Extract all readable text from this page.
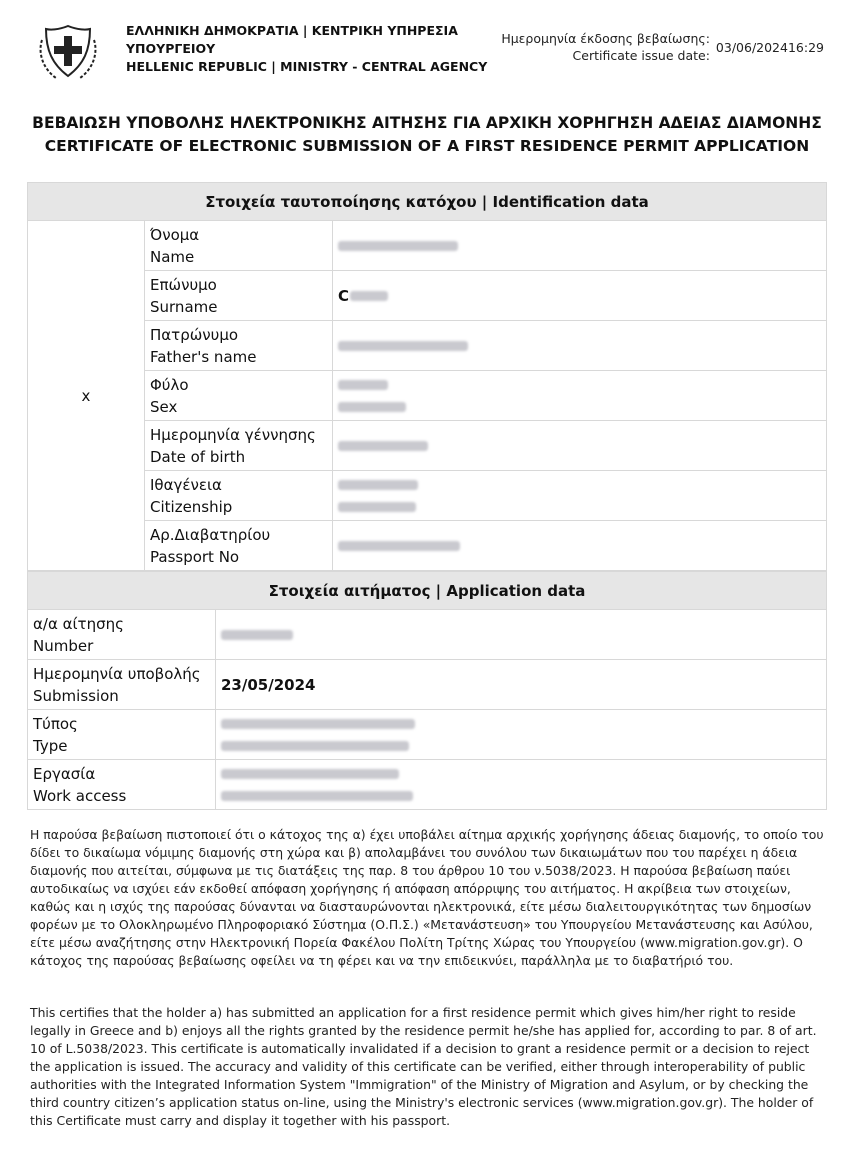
ΕΛΛΗΝΙΚΗ ΔΗΜΟΚΡΑΤΙΑ | ΚΕΝΤΡΙΚΗ ΥΠΗΡΕΣΙΑ
ΥΠΟΥΡΓΕΙΟΥ
HELLENIC REPUBLIC | MINISTRY - CENTRAL AGENCY
Ημερομηνία έκδοσης βεβαίωσης:
Certificate issue date:03/06/202416:29
ΒΕΒΑΙΩΣΗ ΥΠΟΒΟΛΗΣ ΗΛΕΚΤΡΟΝΙΚΗΣ ΑΙΤΗΣΗΣ ΓΙΑ ΑΡΧΙΚΗ ΧΟΡΗΓΗΣΗ ΑΔΕΙΑΣ ΔΙΑΜΟΝΗΣ
CERTIFICATE OF ELECTRONIC SUBMISSION OF A FIRST RESIDENCE PERMIT APPLICATION
Στοιχεία ταυτοποίησης κατόχου | Identification data		
x	Όνομα
Name	
	Επώνυμο
Surname	C
	Πατρώνυμο
Father's name	
	Φύλο
Sex	

	Ημερομηνία γέννησης
Date of birth	
	Ιθαγένεια
Citizenship	

	Αρ.Διαβατηρίου
Passport No	
Στοιχεία αιτήματος | Application data	
α/α αίτησης
Number	
Ημερομηνία υποβολής
Submission	23/05/2024
Τύπος
Type	

Εργασία
Work access	
Η παρούσα βεβαίωση πιστοποιεί ότι ο κάτοχος της α) έχει υποβάλει αίτημα αρχικής χορήγησης άδειας διαμονής, το οποίο του δίδει το δικαίωμα νόμιμης διαμονής στη χώρα και β) απολαμβάνει του συνόλου των δικαιωμάτων που του παρέχει η άδεια διαμονής που αιτείται, σύμφωνα με τις διατάξεις της παρ. 8 του άρθρου 10 του ν.5038/2023. Η παρούσα βεβαίωση παύει αυτοδικαίως να ισχύει εάν εκδοθεί απόφαση χορήγησης ή απόφαση απόρριψης του αιτήματος. Η ακρίβεια των στοιχείων, καθώς και η ισχύς της παρούσας δύνανται να διασταυρώνονται ηλεκτρονικά, είτε μέσω διαλειτουργικότητας των δημοσίων φορέων με το Ολοκληρωμένο Πληροφοριακό Σύστημα (Ο.Π.Σ.) «Μετανάστευση» του Υπουργείου Μετανάστευσης και Ασύλου, είτε μέσω αναζήτησης στην Ηλεκτρονική Πορεία Φακέλου Πολίτη Τρίτης Χώρας του Υπουργείου (www.migration.gov.gr). Ο κάτοχος της παρούσας βεβαίωσης οφείλει να τη φέρει και να την επιδεικνύει, παράλληλα με το διαβατήριό του.
This certifies that the holder a) has submitted an application for a first residence permit which gives him/her right to reside legally in Greece and b) enjoys all the rights granted by the residence permit he/she has applied for, according to par. 8 of art. 10 of L.5038/2023. This certificate is automatically invalidated if a decision to grant a residence permit or a decision to reject the application is issued. The accuracy and validity of this certificate can be verified, either through interoperability of public authorities with the Integrated Information System "Immigration" of the Ministry of Migration and Asylum, or by checking the third country citizen’s application status on-line, using the Ministry's electronic services (www.migration.gov.gr). The holder of this Certificate must carry and display it together with his passport.
